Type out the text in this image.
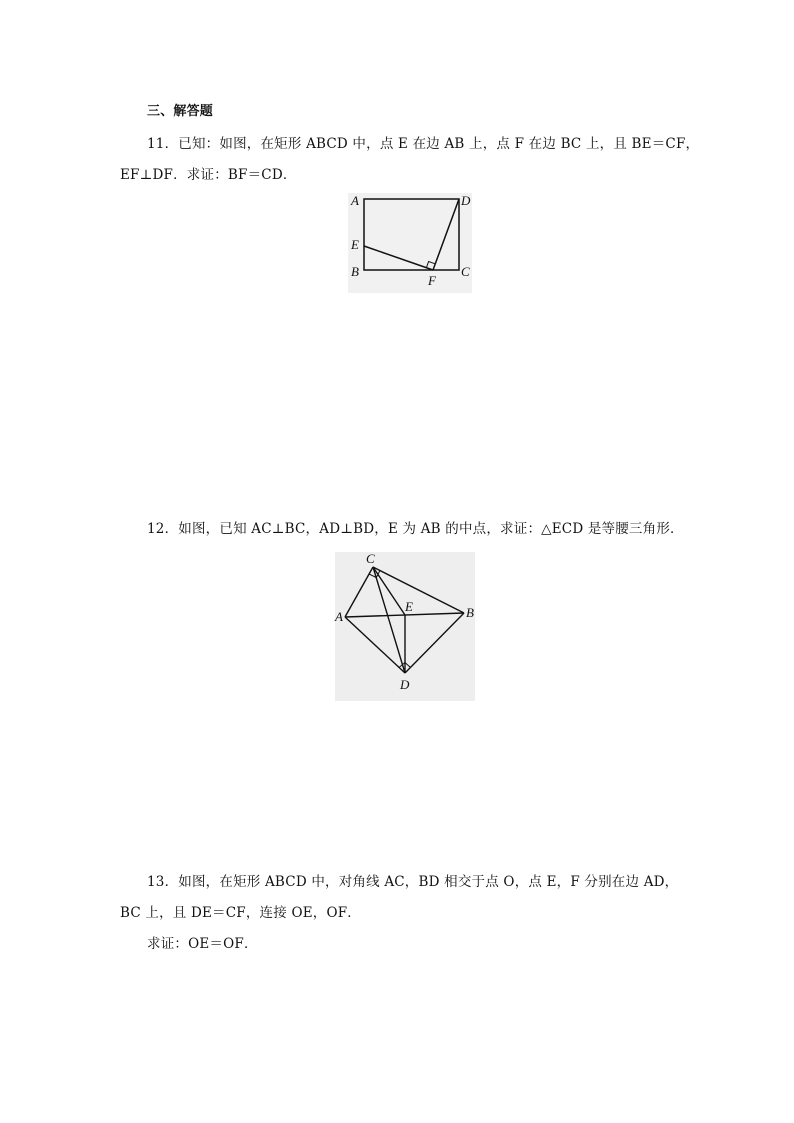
三、解答题
11．已知：如图，在矩形 ABCD 中，点 E 在边 AB 上，点 F 在边 BC 上，且 BE＝CF，
EF⊥DF．求证：BF＝CD．
A	D
E
B
F
C
12．如图，已知 AC⊥BC，AD⊥BD，E 为 AB 的中点，求证：△ECD 是等腰三角形．
C
A
E	B
D
13．如图，在矩形 ABCD 中，对角线 AC，BD 相交于点 O，点 E，F 分别在边 AD，
BC 上，且 DE＝CF，连接 OE，OF．
求证：OE＝OF．
